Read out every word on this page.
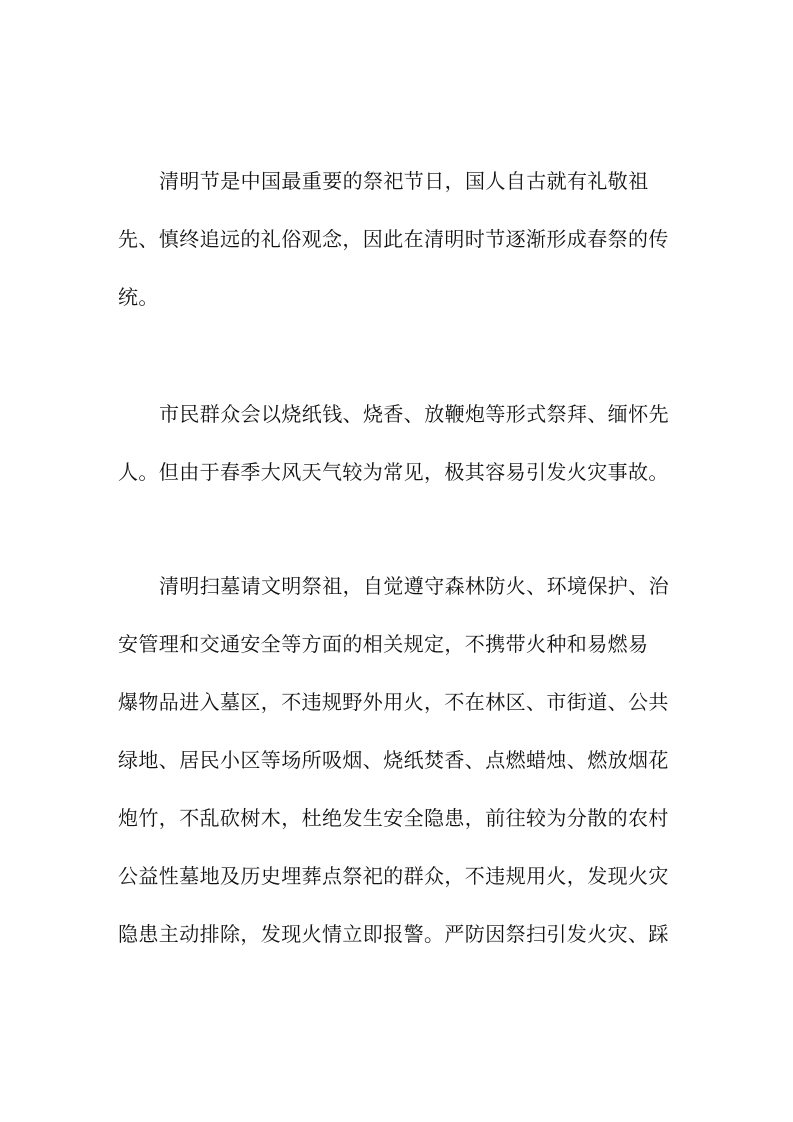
清明节是中国最重要的祭祀节日，国人自古就有礼敬祖
先、慎终追远的礼俗观念，因此在清明时节逐渐形成春祭的传
统。
市民群众会以烧纸钱、烧香、放鞭炮等形式祭拜、缅怀先
人。但由于春季大风天气较为常见，极其容易引发火灾事故。
清明扫墓请文明祭祖，自觉遵守森林防火、环境保护、治
安管理和交通安全等方面的相关规定，不携带火种和易燃易
爆物品进入墓区，不违规野外用火，不在林区、市街道、公共
绿地、居民小区等场所吸烟、烧纸焚香、点燃蜡烛、燃放烟花
炮竹，不乱砍树木，杜绝发生安全隐患，前往较为分散的农村
公益性墓地及历史埋葬点祭祀的群众，不违规用火，发现火灾
隐患主动排除，发现火情立即报警。严防因祭扫引发火灾、踩
